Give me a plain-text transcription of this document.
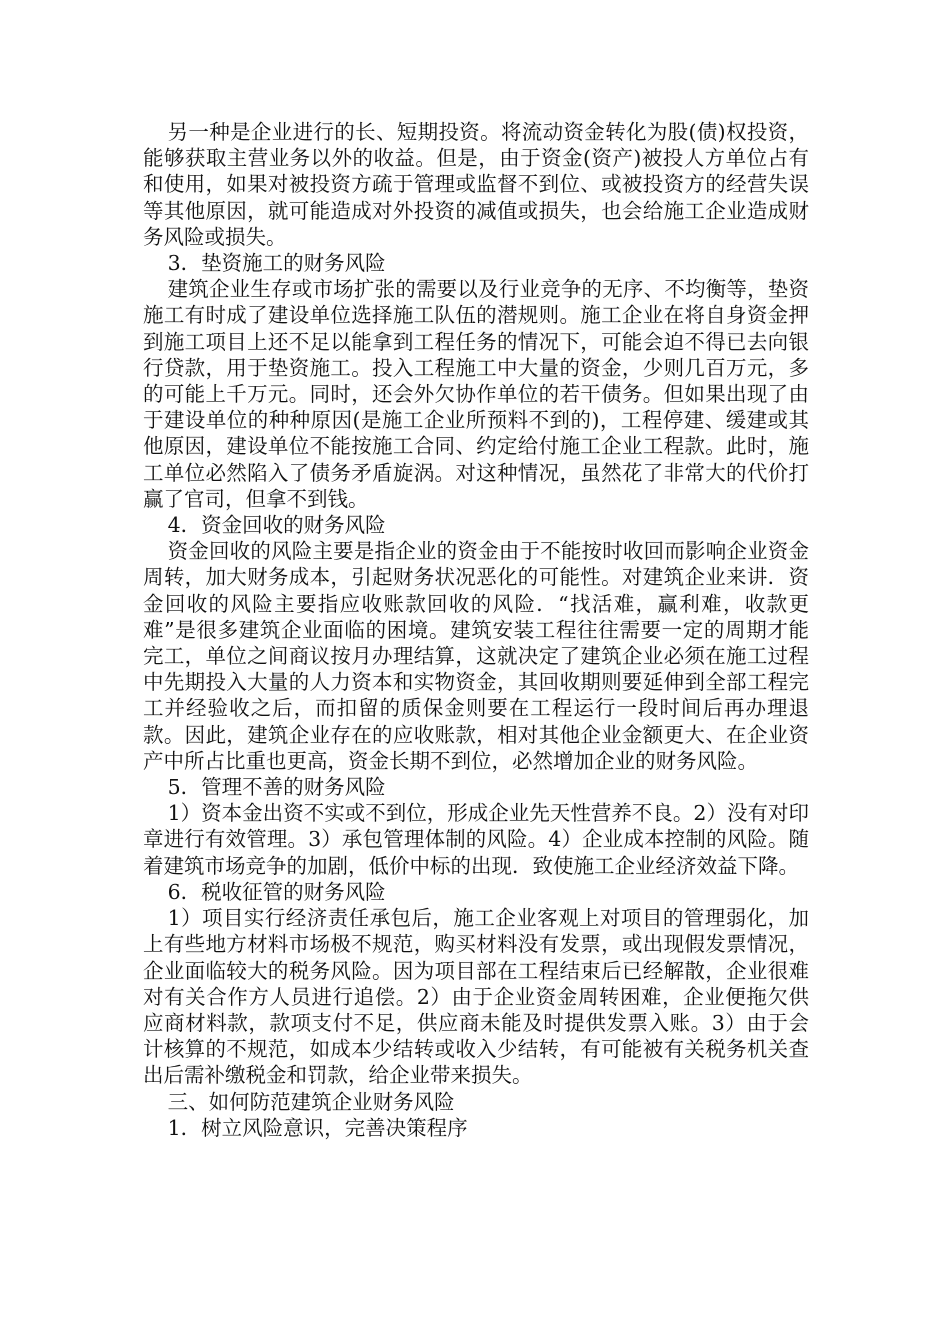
另一种是企业进行的长、短期投资。将流动资金转化为股(债)权投资，能够获取主营业务以外的收益。但是，由于资金(资产)被投人方单位占有和使用，如果对被投资方疏于管理或监督不到位、或被投资方的经营失误等其他原因，就可能造成对外投资的减值或损失，也会给施工企业造成财务风险或损失。

3．垫资施工的财务风险

建筑企业生存或市场扩张的需要以及行业竞争的无序、不均衡等，垫资施工有时成了建设单位选择施工队伍的潜规则。施工企业在将自身资金押到施工项目上还不足以能拿到工程任务的情况下，可能会迫不得已去向银行贷款，用于垫资施工。投入工程施工中大量的资金，少则几百万元，多的可能上千万元。同时，还会外欠协作单位的若干债务。但如果出现了由于建设单位的种种原因(是施工企业所预料不到的)，工程停建、缓建或其他原因，建设单位不能按施工合同、约定给付施工企业工程款。此时，施工单位必然陷入了债务矛盾旋涡。对这种情况，虽然花了非常大的代价打赢了官司，但拿不到钱。

4．资金回收的财务风险

资金回收的风险主要是指企业的资金由于不能按时收回而影响企业资金周转，加大财务成本，引起财务状况恶化的可能性。对建筑企业来讲．资金回收的风险主要指应收账款回收的风险．“找活难，赢利难，收款更难”是很多建筑企业面临的困境。建筑安装工程往往需要一定的周期才能完工，单位之间商议按月办理结算，这就决定了建筑企业必须在施工过程中先期投入大量的人力资本和实物资金，其回收期则要延伸到全部工程完工并经验收之后，而扣留的质保金则要在工程运行一段时间后再办理退款。因此，建筑企业存在的应收账款，相对其他企业金额更大、在企业资产中所占比重也更高，资金长期不到位，必然增加企业的财务风险。

5．管理不善的财务风险

1）资本金出资不实或不到位，形成企业先天性营养不良。2）没有对印章进行有效管理。3）承包管理体制的风险。4）企业成本控制的风险。随着建筑市场竞争的加剧，低价中标的出现．致使施工企业经济效益下降。

6．税收征管的财务风险

1）项目实行经济责任承包后，施工企业客观上对项目的管理弱化，加上有些地方材料市场极不规范，购买材料没有发票，或出现假发票情况，企业面临较大的税务风险。因为项目部在工程结束后已经解散，企业很难对有关合作方人员进行追偿。2）由于企业资金周转困难，企业便拖欠供应商材料款，款项支付不足，供应商未能及时提供发票入账。3）由于会计核算的不规范，如成本少结转或收入少结转，有可能被有关税务机关查出后需补缴税金和罚款，给企业带来损失。

三、如何防范建筑企业财务风险

1．树立风险意识，完善决策程序
